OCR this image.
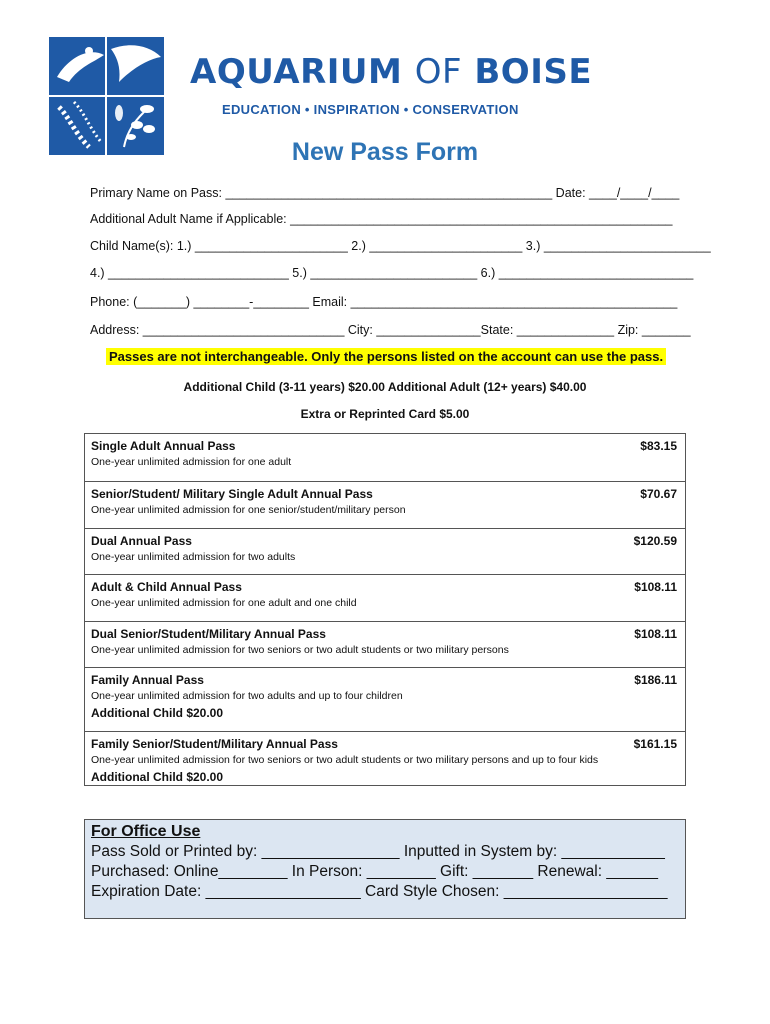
AQUARIUM OF BOISE
EDUCATION • INSPIRATION • CONSERVATION
New Pass Form
Primary Name on Pass: _______________________________________________ Date: ____/____/____
Additional Adult Name if Applicable: _______________________________________________________
Child Name(s): 1.) ______________________ 2.) ______________________ 3.) ________________________
4.) __________________________ 5.) ________________________ 6.) ____________________________
Phone: (_______) ________-________ Email: _______________________________________________
Address: _____________________________ City: _______________State: ______________ Zip: _______
Passes are not interchangeable. Only the persons listed on the account can use the pass.
Additional Child (3-11 years) $20.00 Additional Adult (12+ years) $40.00
Extra or Reprinted Card $5.00
Single Adult Annual Pass	$83.15
One-year unlimited admission for one adult
Senior/Student/ Military Single Adult Annual Pass	$70.67
One-year unlimited admission for one senior/student/military person
Dual Annual Pass	$120.59
One-year unlimited admission for two adults
Adult & Child Annual Pass	$108.11
One-year unlimited admission for one adult and one child
Dual Senior/Student/Military Annual Pass	$108.11
One-year unlimited admission for two seniors or two adult students or two military persons
Family Annual Pass	$186.11
One-year unlimited admission for two adults and up to four children
Additional Child $20.00
Family Senior/Student/Military Annual Pass	$161.15
One-year unlimited admission for two seniors or two adult students or two military persons and up to four kids
Additional Child $20.00
For Office Use
Pass Sold or Printed by: ________________ Inputted in System by: ____________
Purchased: Online________ In Person: ________ Gift: _______ Renewal: ______
Expiration Date: __________________ Card Style Chosen: ___________________
